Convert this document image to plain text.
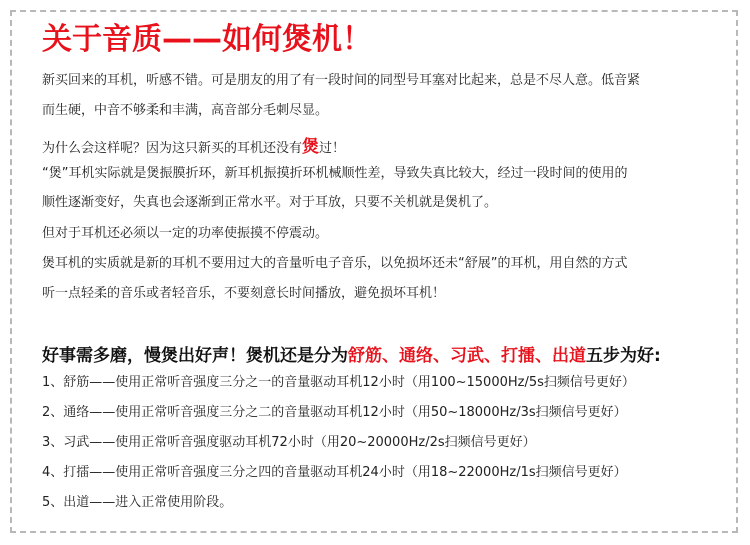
关于音质——如何煲机！

新买回来的耳机，听感不错。可是朋友的用了有一段时间的同型号耳塞对比起来，总是不尽人意。低音紧

而生硬，中音不够柔和丰满，高音部分毛刺尽显。

为什么会这样呢？因为这只新买的耳机还没有煲过！

“煲”耳机实际就是煲振膜折环，新耳机振摸折环机械顺性差，导致失真比较大，经过一段时间的使用的

顺性逐渐变好，失真也会逐渐到正常水平。对于耳放，只要不关机就是煲机了。

但对于耳机还必须以一定的功率使振摸不停震动。

煲耳机的实质就是新的耳机不要用过大的音量听电子音乐，以免损坏还未“舒展”的耳机，用自然的方式

听一点轻柔的音乐或者轻音乐，不要刻意长时间播放，避免损坏耳机！

好事需多磨，慢煲出好声！煲机还是分为舒筋、通络、习武、打擂、出道五步为好:

1、舒筋——使用正常听音强度三分之一的音量驱动耳机12小时（用100~15000Hz/5s扫频信号更好）

2、通络——使用正常听音强度三分之二的音量驱动耳机12小时（用50~18000Hz/3s扫频信号更好）

3、习武——使用正常听音强度驱动耳机72小时（用20~20000Hz/2s扫频信号更好）

4、打擂——使用正常听音强度三分之四的音量驱动耳机24小时（用18~22000Hz/1s扫频信号更好）

5、出道——进入正常使用阶段。
